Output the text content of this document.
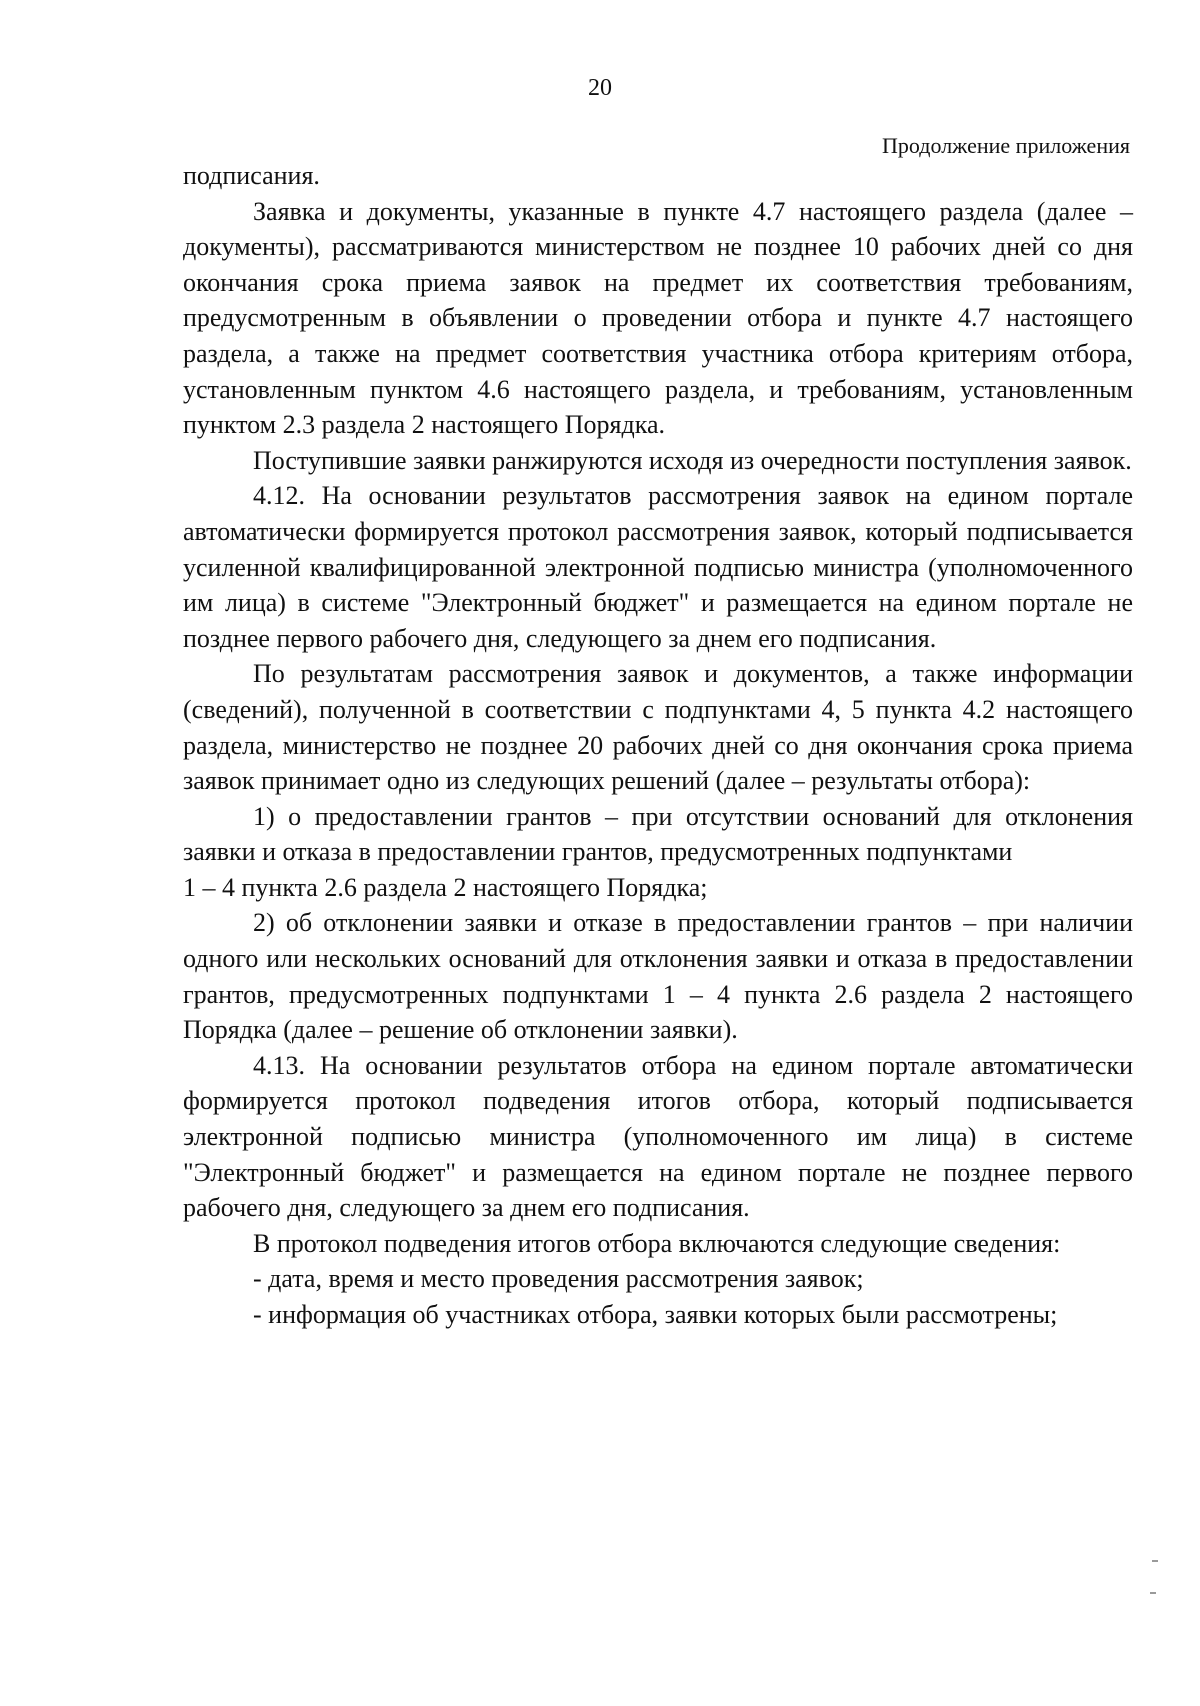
20
Продолжение приложения

подписания.

Заявка и документы, указанные в пункте 4.7 настоящего раздела (далее – документы), рассматриваются министерством не позднее 10 рабочих дней со дня окончания срока приема заявок на предмет их соответствия требованиям, предусмотренным в объявлении о проведении отбора и пункте 4.7 настоящего раздела, а также на предмет соответствия участника отбора критериям отбора, установленным пунктом 4.6 настоящего раздела, и требованиям, установленным пунктом 2.3 раздела 2 настоящего Порядка.

Поступившие заявки ранжируются исходя из очередности поступления заявок.

4.12. На основании результатов рассмотрения заявок на едином портале автоматически формируется протокол рассмотрения заявок, который подписывается усиленной квалифицированной электронной подписью министра (уполномоченного им лица) в системе "Электронный бюджет" и размещается на едином портале не позднее первого рабочего дня, следующего за днем его подписания.

По результатам рассмотрения заявок и документов, а также информации (сведений), полученной в соответствии с подпунктами 4, 5 пункта 4.2 настоящего раздела, министерство не позднее 20 рабочих дней со дня окончания срока приема заявок принимает одно из следующих решений (далее – результаты отбора):

1) о предоставлении грантов – при отсутствии оснований для отклонения заявки и отказа в предоставлении грантов, предусмотренных подпунктами

1 – 4 пункта 2.6 раздела 2 настоящего Порядка;

2) об отклонении заявки и отказе в предоставлении грантов – при наличии одного или нескольких оснований для отклонения заявки и отказа в предоставлении грантов, предусмотренных подпунктами 1 – 4 пункта 2.6 раздела 2 настоящего Порядка (далее – решение об отклонении заявки).

4.13. На основании результатов отбора на едином портале автоматически формируется протокол подведения итогов отбора, который подписывается электронной подписью министра (уполномоченного им лица) в системе "Электронный бюджет" и размещается на едином портале не позднее первого рабочего дня, следующего за днем его подписания.

В протокол подведения итогов отбора включаются следующие сведения:

- дата, время и место проведения рассмотрения заявок;

- информация об участниках отбора, заявки которых были рассмотрены;
